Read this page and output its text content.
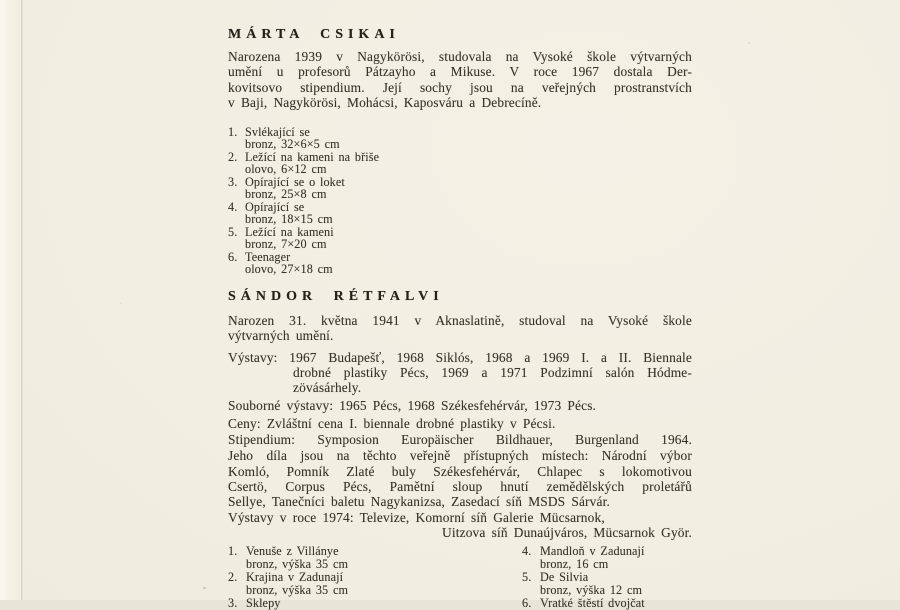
MÁRTA CSIKAI
Narozena 1939 v Nagykörösi, studovala na Vysoké škole výtvarných
umění u profesorů Pátzayho a Mikuse. V roce 1967 dostala Der-
kovitsovo stipendium. Její sochy jsou na veřejných prostranstvích
v Baji, Nagykörösi, Mohácsi, Kaposváru a Debrecíně.
1. Svlékající se
bronz, 32×6×5 cm
2. Ležící na kameni na břiše
olovo, 6×12 cm
3. Opírající se o loket
bronz, 25×8 cm
4. Opírající se
bronz, 18×15 cm
5. Ležící na kameni
bronz, 7×20 cm
6. Teenager
olovo, 27×18 cm
SÁNDOR RÉTFALVI
Narozen 31. května 1941 v Aknaslatině, studoval na Vysoké škole
výtvarných umění.
Výstavy: 1967 Budapešť, 1968 Siklós, 1968 a 1969 I. a II. Biennale
drobné plastiky Pécs, 1969 a 1971 Podzimní salón Hódme-
zövásárhely.
Souborné výstavy: 1965 Pécs, 1968 Székesfehérvár, 1973 Pécs.
Ceny: Zvláštní cena I. biennale drobné plastiky v Pécsi.
Stipendium: Symposion Europäischer Bildhauer, Burgenland 1964.
Jeho díla jsou na těchto veřejně přístupných místech: Národní výbor
Komló, Pomník Zlaté buly Székesfehérvár, Chlapec s lokomotivou
Csertö, Corpus Pécs, Pamětní sloup hnutí zemědělských proletářů
Sellye, Tanečníci baletu Nagykanizsa, Zasedací síň MSDS Sárvár.
Výstavy v roce 1974: Televize, Komorní síň Galerie Mücsarnok,
Uitzova síň Dunaújváros, Mücsarnok Györ.
1. Venuše z Villánye
bronz, výška 35 cm
2. Krajina v Zadunají
bronz, výška 35 cm
3. Sklepy
4. Mandloň v Zadunají
bronz, 16 cm
5. De Silvia
bronz, výška 12 cm
6. Vratké štěstí dvojčat
